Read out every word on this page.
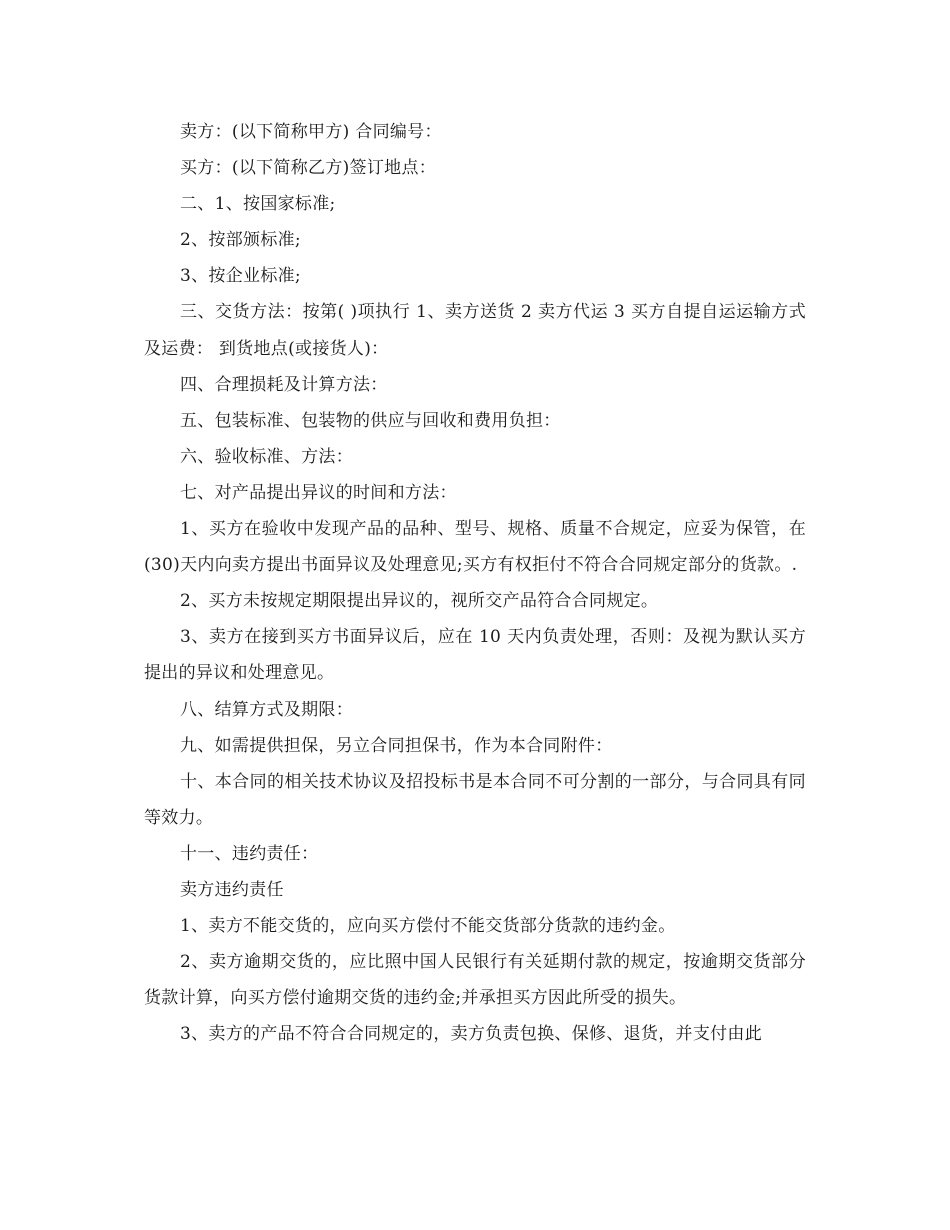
卖方：(以下简称甲方) 合同编号：

买方：(以下简称乙方)签订地点：

二、1、按国家标准;

2、按部颁标准;

3、按企业标准;

三、交货方法：按第( )项执行 1、卖方送货 2 卖方代运 3 买方自提自运运输方式及运费： 到货地点(或接货人)：

四、合理损耗及计算方法：

五、包装标准、包装物的供应与回收和费用负担：

六、验收标准、方法：

七、对产品提出异议的时间和方法：

1、买方在验收中发现产品的品种、型号、规格、质量不合规定，应妥为保管，在(30)天内向卖方提出书面异议及处理意见;买方有权拒付不符合合同规定部分的货款。.

2、买方未按规定期限提出异议的，视所交产品符合合同规定。

3、卖方在接到买方书面异议后，应在 10 天内负责处理，否则：及视为默认买方提出的异议和处理意见。

八、结算方式及期限：

九、如需提供担保，另立合同担保书，作为本合同附件：

十、本合同的相关技术协议及招投标书是本合同不可分割的一部分，与合同具有同等效力。

十一、违约责任：

卖方违约责任

1、卖方不能交货的，应向买方偿付不能交货部分货款的违约金。

2、卖方逾期交货的，应比照中国人民银行有关延期付款的规定，按逾期交货部分货款计算，向买方偿付逾期交货的违约金;并承担买方因此所受的损失。

3、卖方的产品不符合合同规定的，卖方负责包换、保修、退货，并支付由此
